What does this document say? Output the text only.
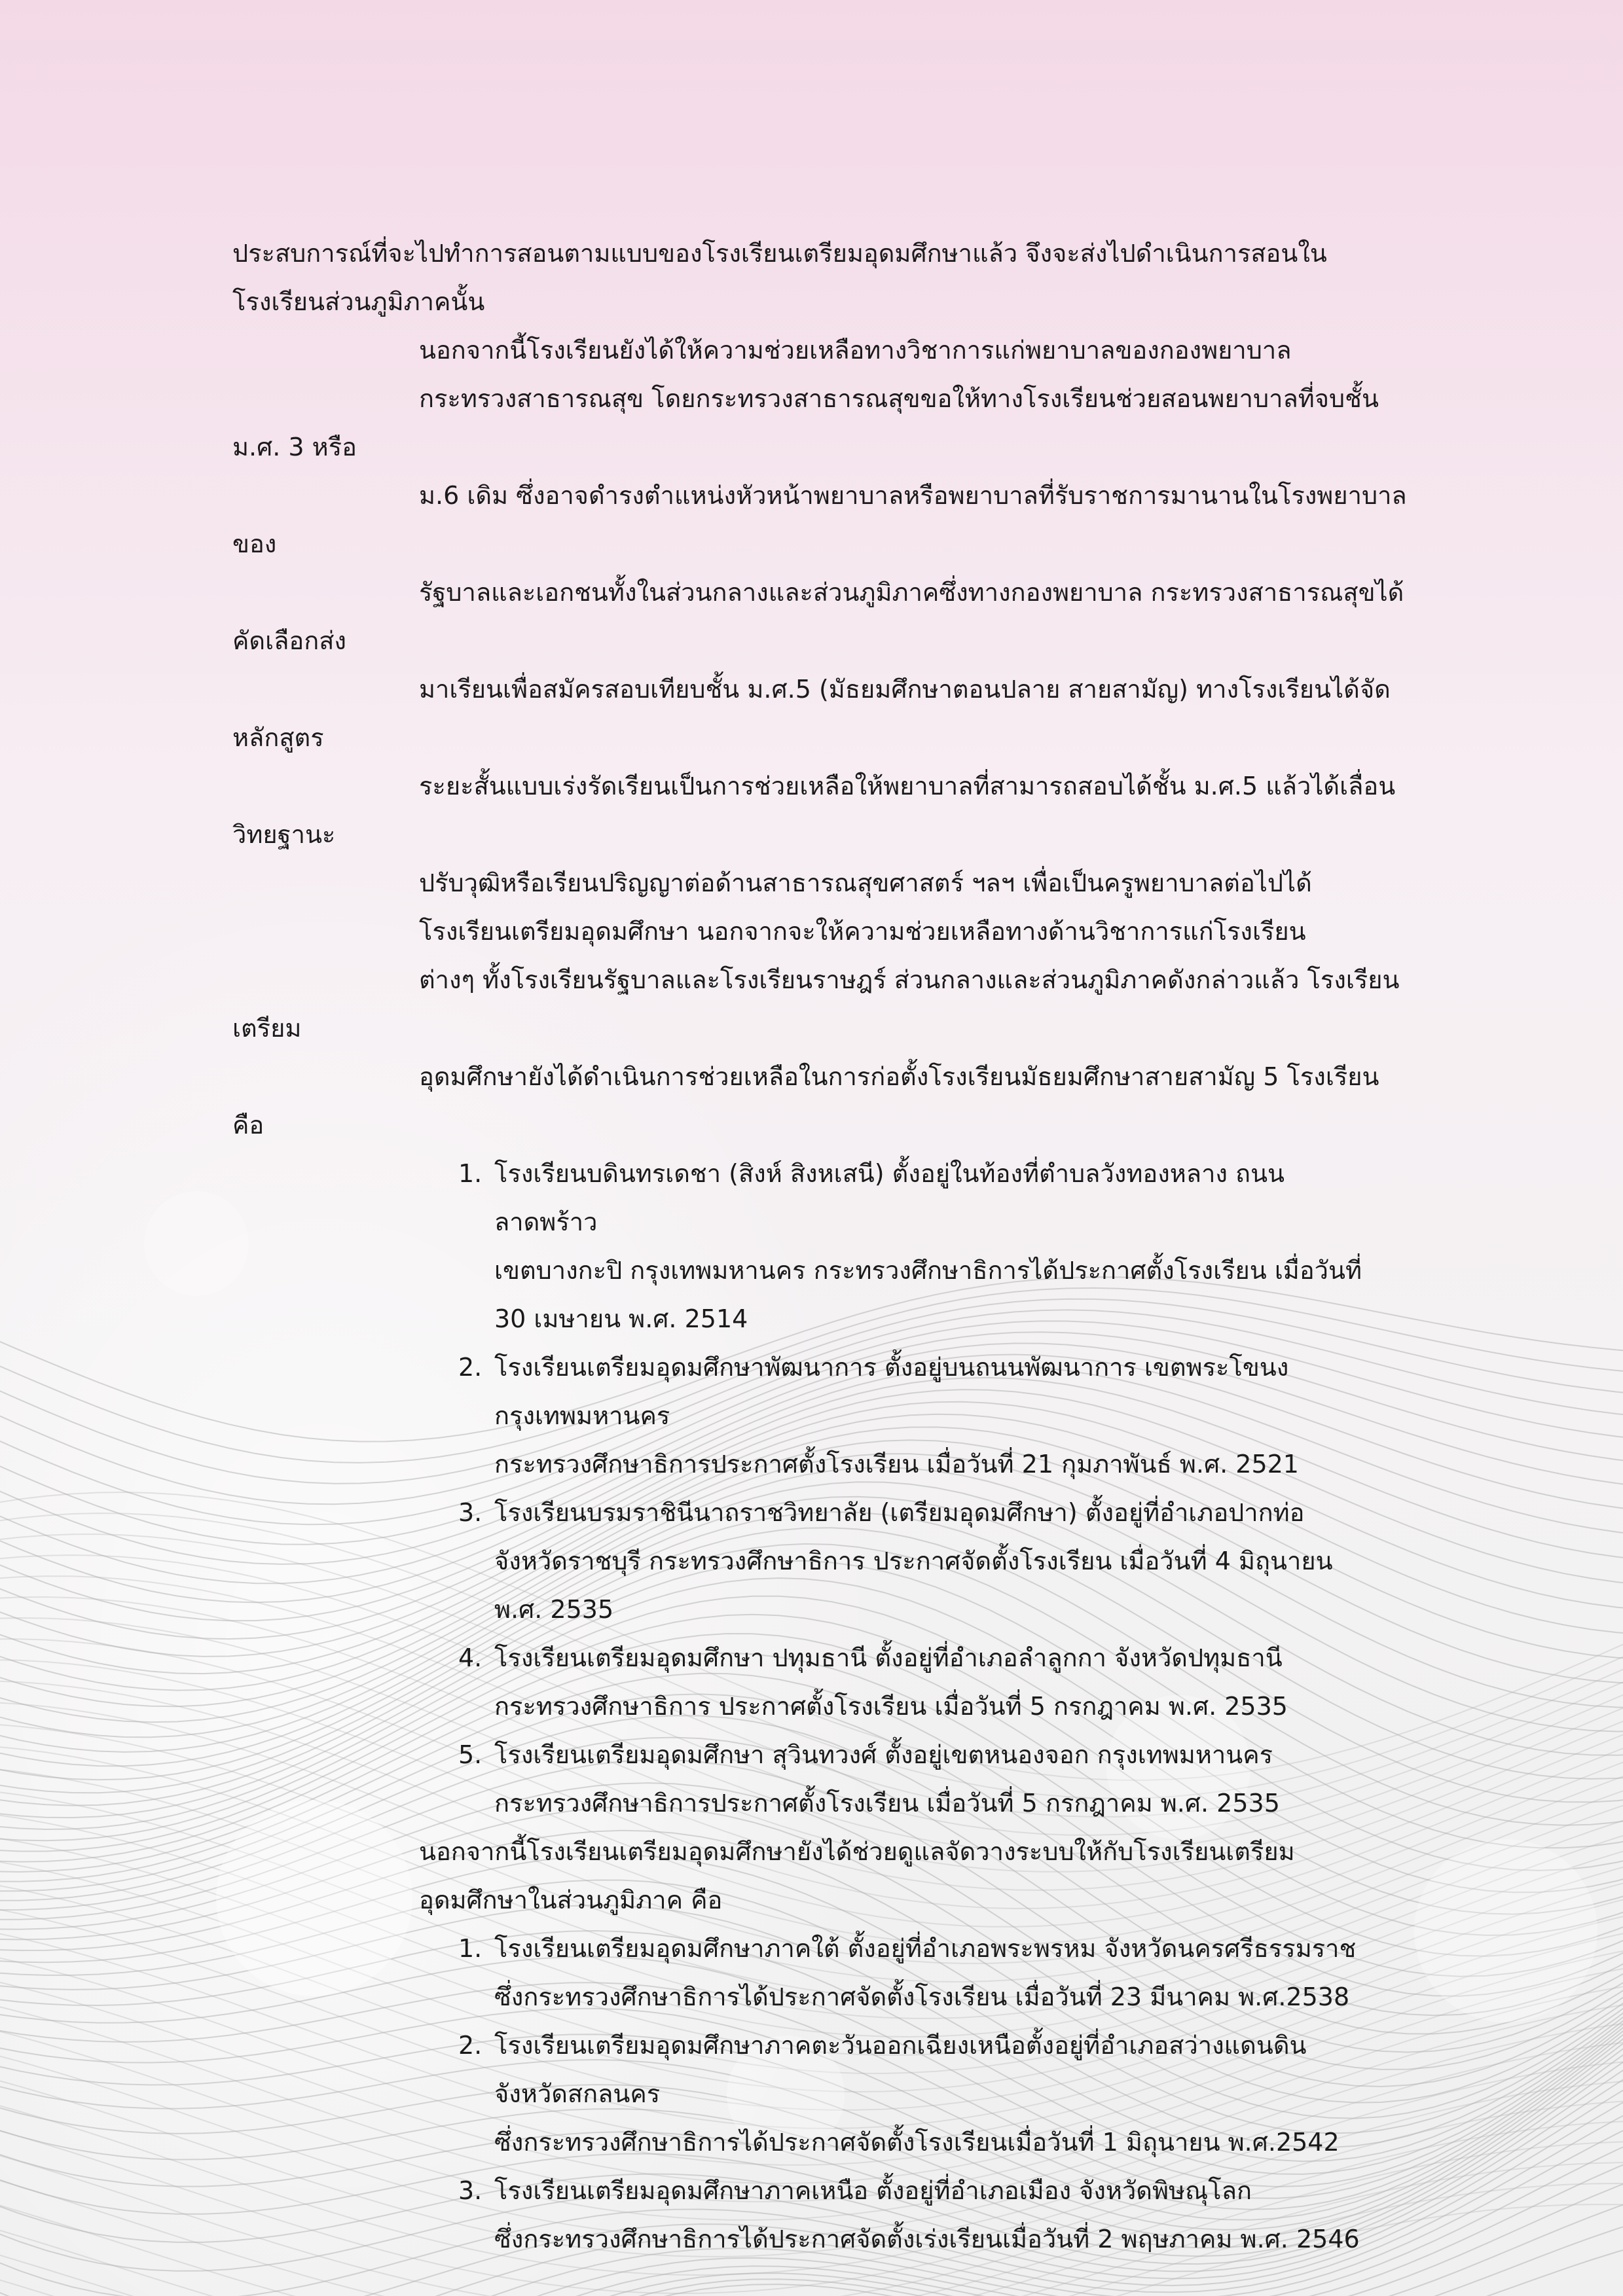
ประสบการณ์ที่จะไปทำการสอนตามแบบของโรงเรียนเตรียมอุดมศึกษาแล้ว จึงจะส่งไปดำเนินการสอนใน
โรงเรียนส่วนภูมิภาคนั้น
นอกจากนี้โรงเรียนยังได้ให้ความช่วยเหลือทางวิชาการแก่พยาบาลของกองพยาบาล
กระทรวงสาธารณสุข โดยกระทรวงสาธารณสุขขอให้ทางโรงเรียนช่วยสอนพยาบาลที่จบชั้น ม.ศ. 3 หรือ
ม.6 เดิม ซึ่งอาจดำรงตำแหน่งหัวหน้าพยาบาลหรือพยาบาลที่รับราชการมานานในโรงพยาบาลของ
รัฐบาลและเอกชนทั้งในส่วนกลางและส่วนภูมิภาคซึ่งทางกองพยาบาล กระทรวงสาธารณสุขได้คัดเลือกส่ง
มาเรียนเพื่อสมัครสอบเทียบชั้น ม.ศ.5 (มัธยมศึกษาตอนปลาย สายสามัญ) ทางโรงเรียนได้จัดหลักสูตร
ระยะสั้นแบบเร่งรัดเรียนเป็นการช่วยเหลือให้พยาบาลที่สามารถสอบได้ชั้น ม.ศ.5 แล้วได้เลื่อนวิทยฐานะ
ปรับวุฒิหรือเรียนปริญญาต่อด้านสาธารณสุขศาสตร์ ฯลฯ เพื่อเป็นครูพยาบาลต่อไปได้
โรงเรียนเตรียมอุดมศึกษา นอกจากจะให้ความช่วยเหลือทางด้านวิชาการแก่โรงเรียน
ต่างๆ ทั้งโรงเรียนรัฐบาลและโรงเรียนราษฎร์ ส่วนกลางและส่วนภูมิภาคดังกล่าวแล้ว โรงเรียนเตรียม
อุดมศึกษายังได้ดำเนินการช่วยเหลือในการก่อตั้งโรงเรียนมัธยมศึกษาสายสามัญ 5 โรงเรียน คือ
1. โรงเรียนบดินทรเดชา (สิงห์ สิงหเสนี) ตั้งอยู่ในท้องที่ตำบลวังทองหลาง ถนน
ลาดพร้าว
เขตบางกะปิ กรุงเทพมหานคร กระทรวงศึกษาธิการได้ประกาศตั้งโรงเรียน เมื่อวันที่
30 เมษายน พ.ศ. 2514
2. โรงเรียนเตรียมอุดมศึกษาพัฒนาการ ตั้งอยู่บนถนนพัฒนาการ เขตพระโขนง
กรุงเทพมหานคร
กระทรวงศึกษาธิการประกาศตั้งโรงเรียน เมื่อวันที่ 21 กุมภาพันธ์ พ.ศ. 2521
3. โรงเรียนบรมราชินีนาถราชวิทยาลัย (เตรียมอุดมศึกษา) ตั้งอยู่ที่อำเภอปากท่อ
จังหวัดราชบุรี กระทรวงศึกษาธิการ ประกาศจัดตั้งโรงเรียน เมื่อวันที่ 4 มิถุนายน
พ.ศ. 2535
4. โรงเรียนเตรียมอุดมศึกษา ปทุมธานี ตั้งอยู่ที่อำเภอลำลูกกา จังหวัดปทุมธานี
กระทรวงศึกษาธิการ ประกาศตั้งโรงเรียน เมื่อวันที่ 5 กรกฎาคม พ.ศ. 2535
5. โรงเรียนเตรียมอุดมศึกษา สุวินทวงศ์ ตั้งอยู่เขตหนองจอก กรุงเทพมหานคร
กระทรวงศึกษาธิการประกาศตั้งโรงเรียน เมื่อวันที่ 5 กรกฎาคม พ.ศ. 2535
นอกจากนี้โรงเรียนเตรียมอุดมศึกษายังได้ช่วยดูแลจัดวางระบบให้กับโรงเรียนเตรียม
อุดมศึกษาในส่วนภูมิภาค คือ
1. โรงเรียนเตรียมอุดมศึกษาภาคใต้ ตั้งอยู่ที่อำเภอพระพรหม จังหวัดนครศรีธรรมราช
ซึ่งกระทรวงศึกษาธิการได้ประกาศจัดตั้งโรงเรียน เมื่อวันที่ 23 มีนาคม พ.ศ.2538
2. โรงเรียนเตรียมอุดมศึกษาภาคตะวันออกเฉียงเหนือตั้งอยู่ที่อำเภอสว่างแดนดิน
จังหวัดสกลนคร
ซึ่งกระทรวงศึกษาธิการได้ประกาศจัดตั้งโรงเรียนเมื่อวันที่ 1 มิถุนายน พ.ศ.2542
3. โรงเรียนเตรียมอุดมศึกษาภาคเหนือ ตั้งอยู่ที่อำเภอเมือง จังหวัดพิษณุโลก
ซึ่งกระทรวงศึกษาธิการได้ประกาศจัดตั้งเร่งเรียนเมื่อวันที่ 2 พฤษภาคม พ.ศ. 2546
